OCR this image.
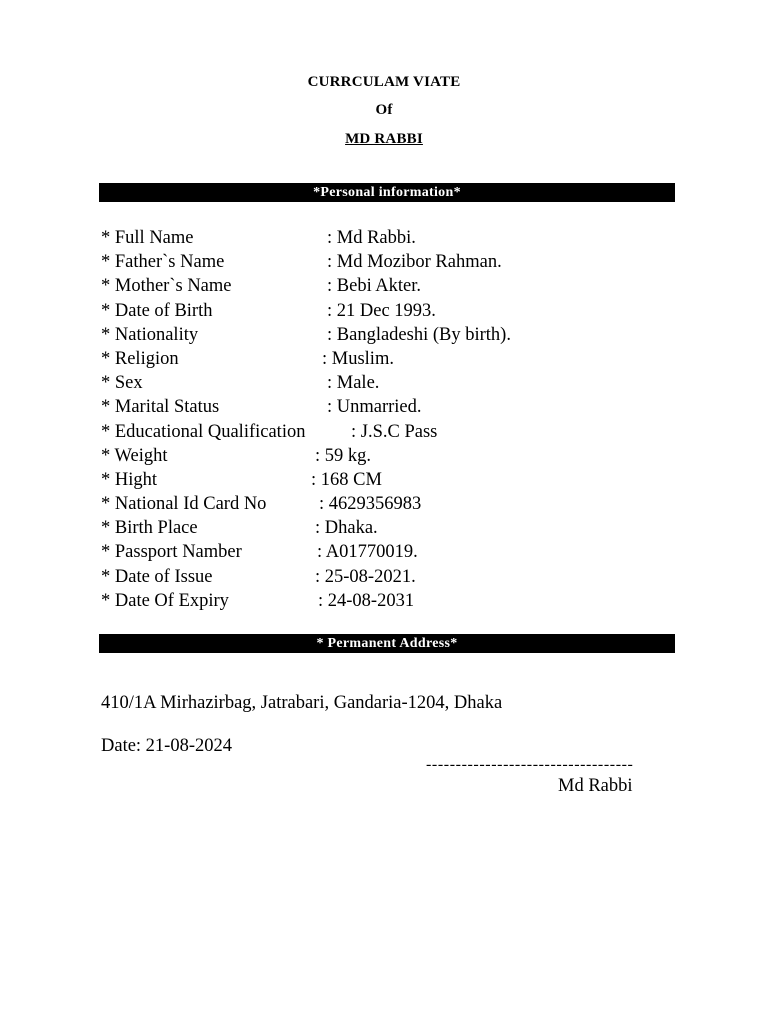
CURRCULAM VIATE
Of
MD RABBI
*Personal information*
* Full Name	: Md Rabbi.
* Father`s Name	: Md Mozibor Rahman.
* Mother`s Name	: Bebi Akter.
* Date of Birth	: 21 Dec 1993.
* Nationality	: Bangladeshi (By birth).
* Religion	: Muslim.
* Sex	: Male.
* Marital Status	: Unmarried.
* Educational Qualification : J.S.C Pass
* Weight	: 59 kg.
* Hight	: 168 CM
* National Id Card No	: 4629356983
* Birth Place	: Dhaka.
* Passport Namber	: A01770019.
* Date of Issue	: 25-08-2021.
* Date Of Expiry	: 24-08-2031
* Permanent Address*
410/1A Mirhazirbag, Jatrabari, Gandaria-1204, Dhaka
Date: 21-08-2024
-----------------------------------
Md Rabbi
